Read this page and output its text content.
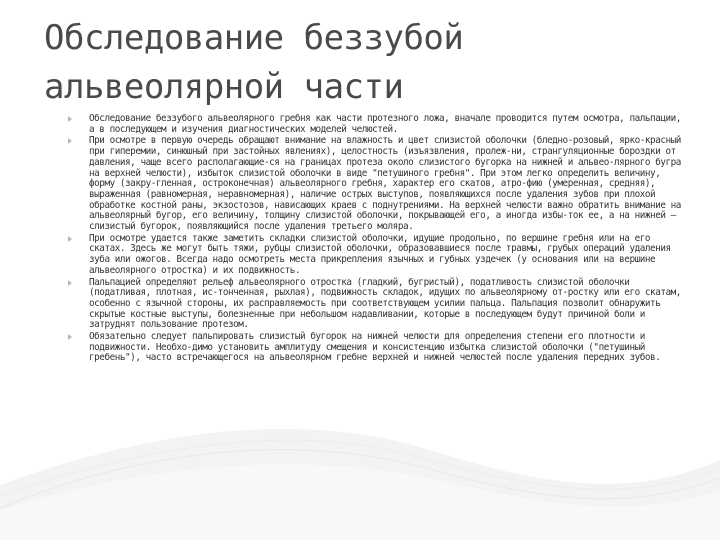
Обследование беззубой
альвеолярной части
Обследование беззубого альвеолярного гребня как части протезного ложа, вначале проводится путем осмотра, пальпации, а в последующем и изучения диагностических моделей челюстей.
При осмотре в первую очередь обращают внимание на влажность и цвет слизистой оболочки (бледно-розовый, ярко-красный при гиперемии, синюшный при застойных явлениях), целостность (изъязвления, пролеж-ни, странгуляционные бороздки от давления, чаще всего располагающие-ся на границах протеза около слизистого бугорка на нижней и альвео-лярного бугра на верхней челюсти), избыток слизистой оболочки в виде "петушиного гребня". При этом легко определить величину, форму (закру-гленная, остроконечная) альвеолярного гребня, характер его скатов, атро-фию (умеренная, средняя), выраженная (равномерная, неравномерная), наличие острых выступов, появляющихся после удаления зубов при плохой обработке костной раны, экзостозов, нависающих краев с поднутрениями. На верхней челюсти важно обратить внимание на альвеолярный бугор, его величину, толщину слизистой оболочки, покрывающей его, а иногда избы-ток ее, а на нижней – слизистый бугорок, появляющийся после удаления третьего моляра.
При осмотре удается также заметить складки слизистой оболочки, идущие продольно, по вершине гребня или на его скатах. Здесь же могут быть тяжи, рубцы слизистой оболочки, образовавшиеся после травмы, грубых операций удаления зуба или ожогов. Всегда надо осмотреть места прикрепления язычных и губных уздечек (у основания или на вершине альвеолярного отростка) и их подвижность.
Пальпацией определяют рельеф альвеолярного отростка (гладкий, бугристый), податливость слизистой оболочки (податливая, плотная, ис-тонченная, рыхлая), подвижность складок, идущих по альвеолярному от-ростку или его скатам, особенно с язычной стороны, их расправляемость при соответствующем усилии пальца. Пальпация позволит обнаружить скрытые костные выступы, болезненные при небольшом надавливании, которые в последующем будут причиной боли и затруднят пользование протезом.
Обязательно следует пальпировать слизистый бугорок на нижней челюсти для определения степени его плотности и подвижности. Необхо-димо установить амплитуду смещения и консистенцию избытка слизистой оболочки ("петушиный гребень"), часто встречающегося на альвеолярном гребне верхней и нижней челюстей после удаления передних зубов.
